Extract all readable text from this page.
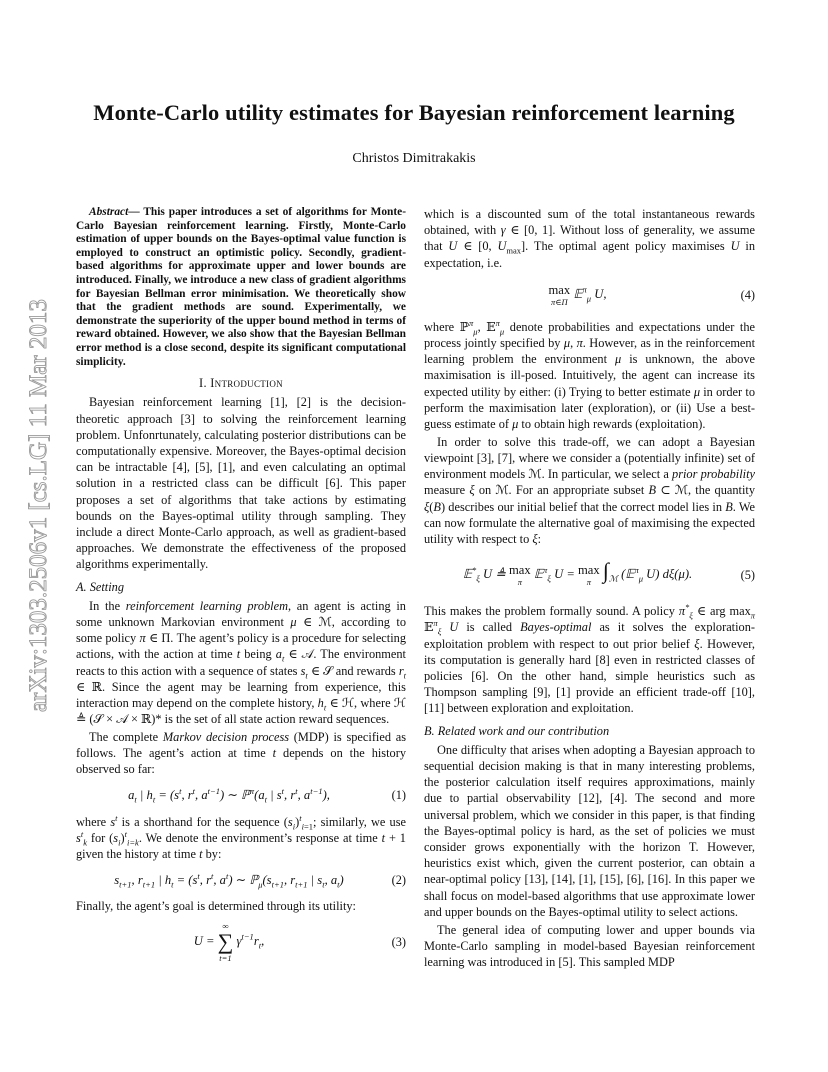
arXiv:1303.2506v1 [cs.LG] 11 Mar 2013
Monte-Carlo utility estimates for Bayesian reinforcement learning
Christos Dimitrakakis

Abstract— This paper introduces a set of algorithms for Monte-Carlo Bayesian reinforcement learning. Firstly, Monte-Carlo estimation of upper bounds on the Bayes-optimal value function is employed to construct an optimistic policy. Secondly, gradient-based algorithms for approximate upper and lower bounds are introduced. Finally, we introduce a new class of gradient algorithms for Bayesian Bellman error minimisation. We theoretically show that the gradient methods are sound. Experimentally, we demonstrate the superiority of the upper bound method in terms of reward obtained. However, we also show that the Bayesian Bellman error method is a close second, despite its significant computational simplicity.

I. Introduction

Bayesian reinforcement learning [1], [2] is the decision-theoretic approach [3] to solving the reinforcement learning problem. Unfonrtunately, calculating posterior distributions can be computationally expensive. Moreover, the Bayes-optimal decision can be intractable [4], [5], [1], and even calculating an optimal solution in a restricted class can be difficult [6]. This paper proposes a set of algorithms that take actions by estimating bounds on the Bayes-optimal utility through sampling. They include a direct Monte-Carlo approach, as well as gradient-based approaches. We demonstrate the effectiveness of the proposed algorithms experimentally.

A. Setting

In the reinforcement learning problem, an agent is acting in some unknown Markovian environment μ ∈ ℳ, according to some policy π ∈ Π. The agent’s policy is a procedure for selecting actions, with the action at time t being $a_t$ ∈ 𝒜. The environment reacts to this action with a sequence of states $s_t$ ∈ 𝒮 and rewards $r_t$ ∈ ℝ. Since the agent may be learning from experience, this interaction may depend on the complete history, $h_t$ ∈ ℋ, where ℋ ≜ (𝒮 × 𝒜 × ℝ)* is the set of all state action reward sequences.

The complete Markov decision process (MDP) is specified as follows. The agent’s action at time t depends on the history observed so far:

$a_t$ | $h_t = (s^t$, $r^t$, $a^{t-1}$) ∼ $ℙ^\pi(a_t$ | $s^t$, $r^t$, $a^{t-1}$),	(1)

where $s^t$ is a shorthand for the sequence $(s_i)^t_{i=1}$; similarly, we use $s^t_k$ for $(s_i)^t_{i=k}$. We denote the environment’s response at time t + 1 given the history at time t by:

$s_{t+1}$, $r_{t+1}$ | $h_t = (s^t$, $r^t$, $a^t$) ∼ $ℙ_\mu(s_{t+1}$, $r_{t+1}$ | $s_t$, $a_t$)	(2)

Finally, the agent’s goal is determined through its utility:

U =
∞
∑
t=1
$\gamma^{t-1}r_t$,	(3)

which is a discounted sum of the total instantaneous rewards obtained, with γ ∈ [0, 1]. Without loss of generality, we assume that U ∈ [0, $U_{max}$]. The optimal agent policy maximises U in expectation, i.e.

max
π∈Π
𝔼$^\pi_\mu$ U,	(4)

where ℙ$^\pi_\mu$, 𝔼$^\pi_\mu$ denote probabilities and expectations under the process jointly specified by μ, π. However, as in the reinforcement learning problem the environment μ is unknown, the above maximisation is ill-posed. Intuitively, the agent can increase its expected utility by either: (i) Trying to better estimate μ in order to perform the maximisation later (exploration), or (ii) Use a best-guess estimate of μ to obtain high rewards (exploitation).

In order to solve this trade-off, we can adopt a Bayesian viewpoint [3], [7], where we consider a (potentially infinite) set of environment models ℳ. In particular, we select a prior probability measure ξ on ℳ. For an appropriate subset B ⊂ ℳ, the quantity ξ(B) describes our initial belief that the correct model lies in B. We can now formulate the alternative goal of maximising the expected utility with respect to ξ:

𝔼*$_\xi$ U ≜ max
π
𝔼$^\pi_\xi$ U = max
π $\int_ℳ$ (𝔼$^\pi_\mu$ U) dξ(μ).	(5)

This makes the problem formally sound. A policy $\pi^*_\xi$ ∈ arg $\max_\pi$ 𝔼$^\pi_\xi$ U is called Bayes-optimal as it solves the exploration-exploitation problem with respect to out prior belief ξ. However, its computation is generally hard [8] even in restricted classes of policies [6]. On the other hand, simple heuristics such as Thompson sampling [9], [1] provide an efficient trade-off [10], [11] between exploration and exploitation.

B. Related work and our contribution

One difficulty that arises when adopting a Bayesian approach to sequential decision making is that in many interesting problems, the posterior calculation itself requires approximations, mainly due to partial observability [12], [4]. The second and more universal problem, which we consider in this paper, is that finding the Bayes-optimal policy is hard, as the set of policies we must consider grows exponentially with the horizon T. However, heuristics exist which, given the current posterior, can obtain a near-optimal policy [13], [14], [1], [15], [6], [16]. In this paper we shall focus on model-based algorithms that use approximate lower and upper bounds on the Bayes-optimal utility to select actions.

The general idea of computing lower and upper bounds via Monte-Carlo sampling in model-based Bayesian reinforcement learning was introduced in [5]. This sampled MDP
